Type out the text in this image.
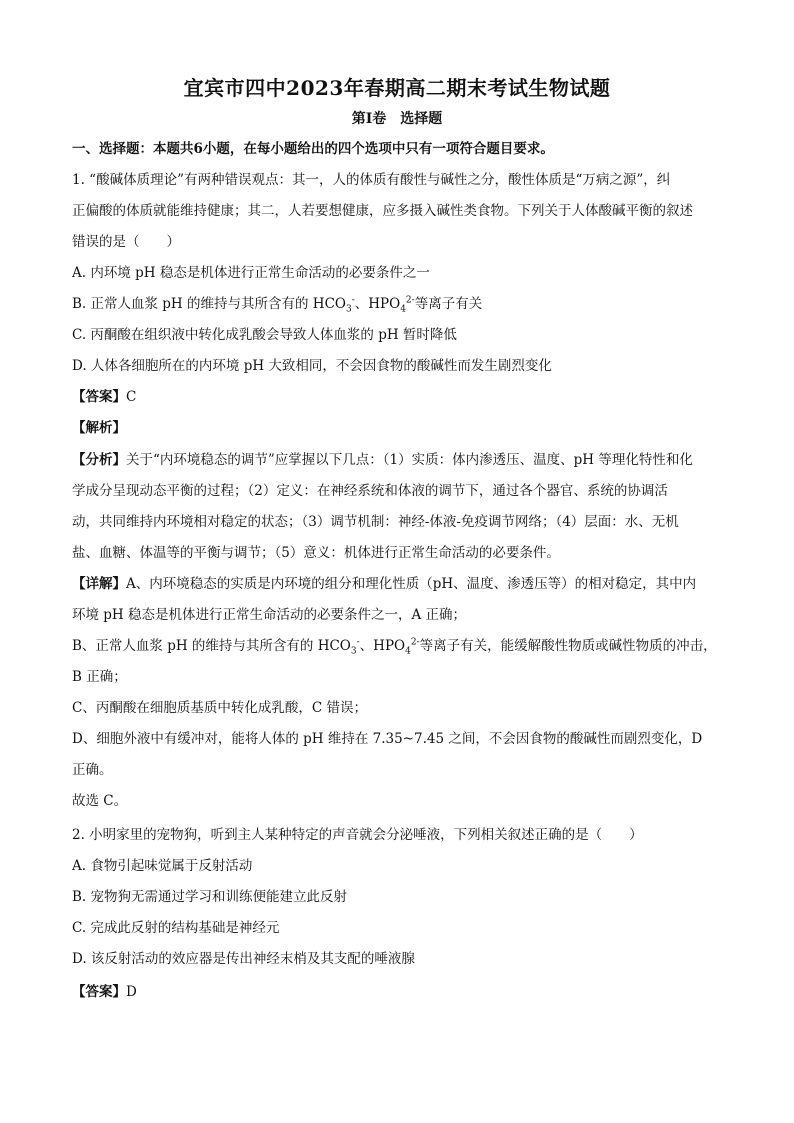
宜宾市四中2023年春期高二期末考试生物试题
第I卷　选择题
一、选择题：本题共6小题，在每小题给出的四个选项中只有一项符合题目要求。
1. “酸碱体质理论”有两种错误观点：其一，人的体质有酸性与碱性之分，酸性体质是“万病之源”，纠
正偏酸的体质就能维持健康；其二，人若要想健康，应多摄入碱性类食物。下列关于人体酸碱平衡的叙述
错误的是（　　）
A. 内环境 pH 稳态是机体进行正常生命活动的必要条件之一
B. 正常人血浆 pH 的维持与其所含有的 $HCO_3^-$、$HPO_4^{2-}$等离子有关
C. 丙酮酸在组织液中转化成乳酸会导致人体血浆的 pH 暂时降低
D. 人体各细胞所在的内环境 pH 大致相同，不会因食物的酸碱性而发生剧烈变化
【答案】C
【解析】
【分析】关于“内环境稳态的调节”应掌握以下几点：（1）实质：体内渗透压、温度、pH 等理化特性和化
学成分呈现动态平衡的过程；（2）定义：在神经系统和体液的调节下，通过各个器官、系统的协调活
动，共同维持内环境相对稳定的状态；（3）调节机制：神经-体液-免疫调节网络；（4）层面：水、无机
盐、血糖、体温等的平衡与调节；（5）意义：机体进行正常生命活动的必要条件。
【详解】A、内环境稳态的实质是内环境的组分和理化性质（pH、温度、渗透压等）的相对稳定，其中内
环境 pH 稳态是机体进行正常生命活动的必要条件之一，A 正确；
B、正常人血浆 pH 的维持与其所含有的 $HCO_3^-$、$HPO_4^{2-}$等离子有关，能缓解酸性物质或碱性物质的冲击，
B 正确；
C、丙酮酸在细胞质基质中转化成乳酸，C 错误；
D、细胞外液中有缓冲对，能将人体的 pH 维持在 7.35~7.45 之间，不会因食物的酸碱性而剧烈变化，D
正确。
故选 C。
2. 小明家里的宠物狗，听到主人某种特定的声音就会分泌唾液，下列相关叙述正确的是（　　）
A. 食物引起味觉属于反射活动
B. 宠物狗无需通过学习和训练便能建立此反射
C. 完成此反射的结构基础是神经元
D. 该反射活动的效应器是传出神经末梢及其支配的唾液腺
【答案】D
